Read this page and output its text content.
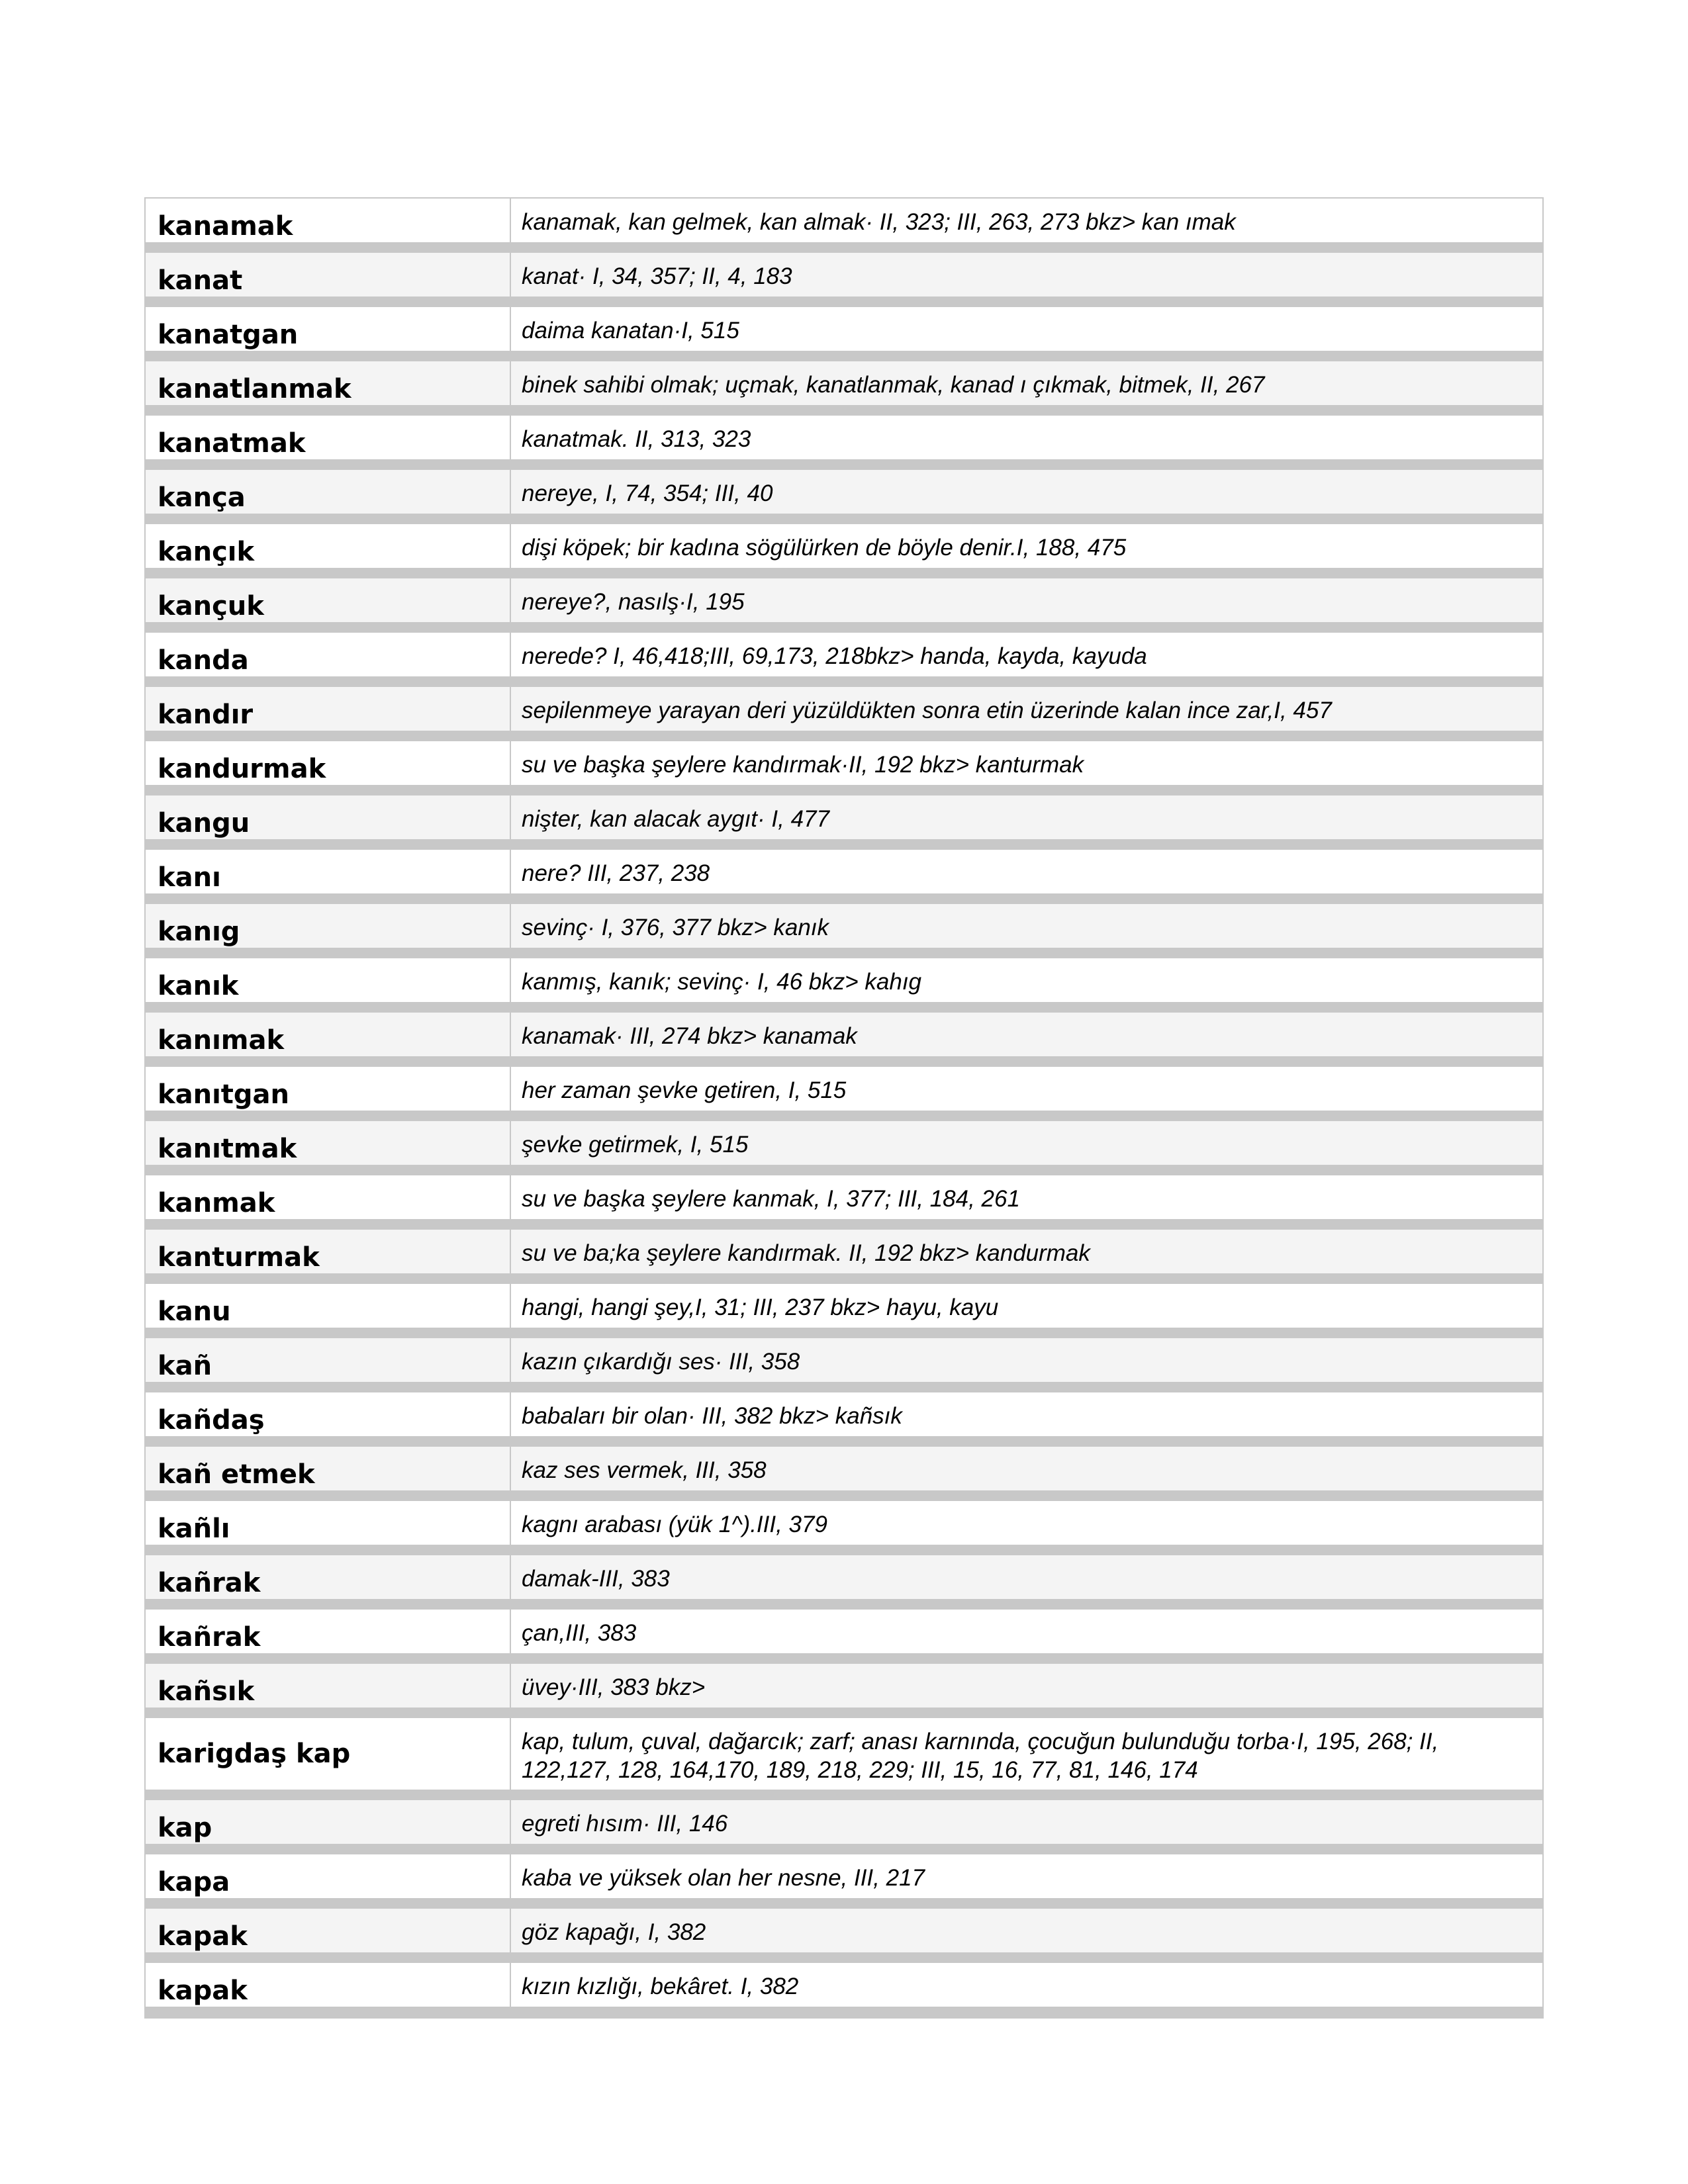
kanamak	kanamak, kan gelmek, kan almak· II, 323; III, 263, 273 bkz> kan ımak
kanat	kanat· I, 34, 357; II, 4, 183
kanatgan	daima kanatan·I, 515
kanatlanmak	binek sahibi olmak; uçmak, kanatlanmak, kanad ı çıkmak, bitmek, II, 267
kanatmak	kanatmak. II, 313, 323
kança	nereye, I, 74, 354; III, 40
kançık	dişi köpek; bir kadına sögülürken de böyle denir.I, 188, 475
kançuk	nereye?, nasılş·I, 195
kanda	nerede? I, 46,418;III, 69,173, 218bkz> handa, kayda, kayuda
kandır	sepilenmeye yarayan deri yüzüldükten sonra etin üzerinde kalan ince zar,I, 457
kandurmak	su ve başka şeylere kandırmak·II, 192 bkz> kanturmak
kangu	nişter, kan alacak aygıt· I, 477
kanı	nere? III, 237, 238
kanıg	sevinç· I, 376, 377 bkz> kanık
kanık	kanmış, kanık; sevinç· I, 46 bkz> kahıg
kanımak	kanamak· III, 274 bkz> kanamak
kanıtgan	her zaman şevke getiren, I, 515
kanıtmak	şevke getirmek, I, 515
kanmak	su ve başka şeylere kanmak, I, 377; III, 184, 261
kanturmak	su ve ba;ka şeylere kandırmak. II, 192 bkz> kandurmak
kanu	hangi, hangi şey,I, 31; III, 237 bkz> hayu, kayu
kañ	kazın çıkardığı ses· III, 358
kañdaş	babaları bir olan· III, 382 bkz> kañsık
kañ etmek	kaz ses vermek, III, 358
kañlı	kagnı arabası (yük 1^).III, 379
kañrak	damak-III, 383
kañrak	çan,III, 383
kañsık	üvey·III, 383 bkz>
karigdaş kap	kap, tulum, çuval, dağarcık; zarf; anası karnında, çocuğun bulunduğu torba·I, 195, 268; II, 122,127, 128, 164,170, 189, 218, 229; III, 15, 16, 77, 81, 146, 174
kap	egreti hısım· III, 146
kapa	kaba ve yüksek olan her nesne, III, 217
kapak	göz kapağı, I, 382
kapak	kızın kızlığı, bekâret. I, 382
